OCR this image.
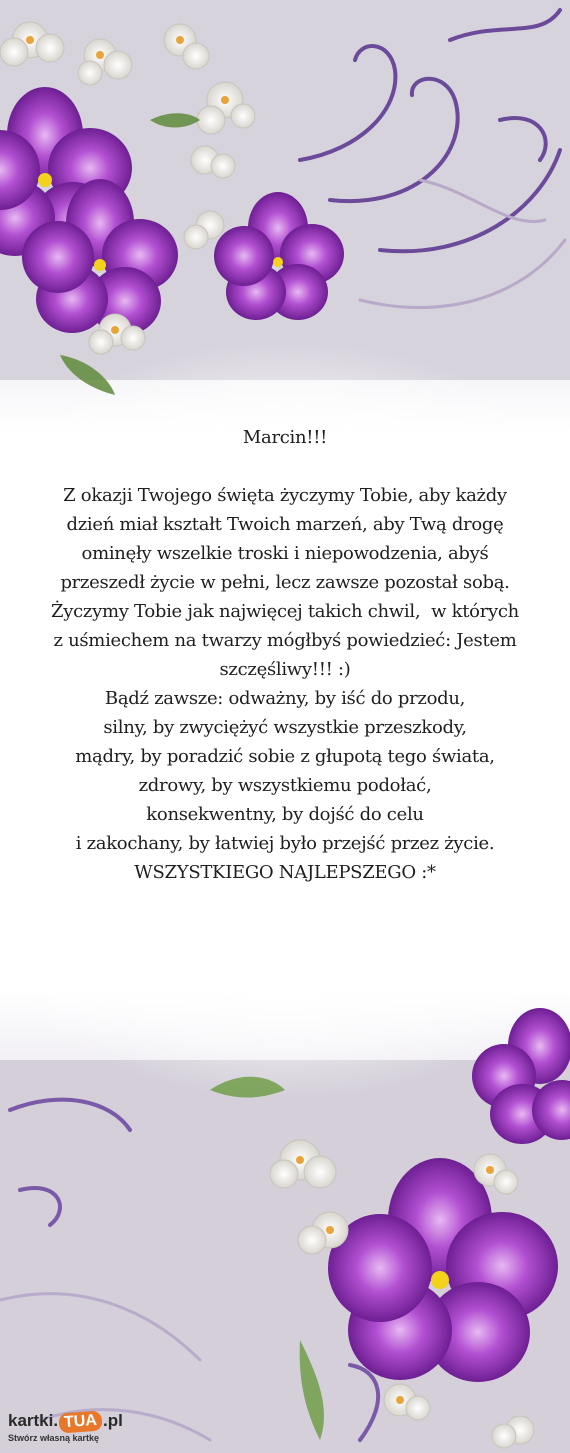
Marcin!!!
Z okazji Twojego święta życzymy Tobie, aby każdy
dzień miał kształt Twoich marzeń, aby Twą drogę
ominęły wszelkie troski i niepowodzenia, abyś
przeszedł życie w pełni, lecz zawsze pozostał sobą.
Życzymy Tobie jak najwięcej takich chwil,  w których
z uśmiechem na twarzy mógłbyś powiedzieć: Jestem
szczęśliwy!!! :)
Bądź zawsze: odważny, by iść do przodu,
silny, by zwyciężyć wszystkie przeszkody,
mądry, by poradzić sobie z głupotą tego świata,
zdrowy, by wszystkiemu podołać,
konsekwentny, by dojść do celu
i zakochany, by łatwiej było przejść przez życie.
WSZYSTKIEGO NAJLEPSZEGO :*
kartki. TUA .pl
Stwórz własną kartkę
